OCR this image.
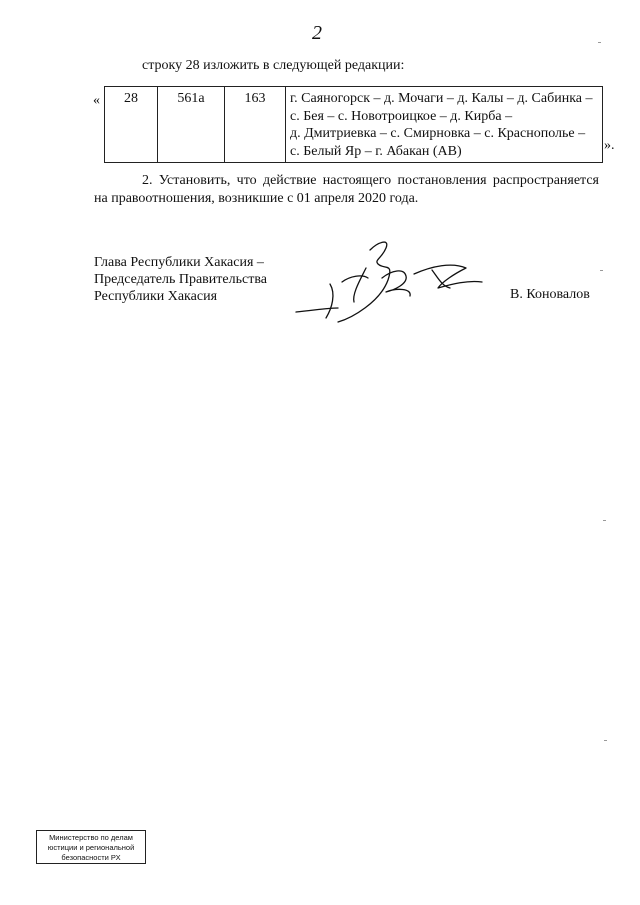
2
строку 28 изложить в следующей редакции:
« 28	561а	163	г. Саяногорск – д. Мочаги – д. Калы – д. Сабинка –
с. Бея – с. Новотроицкое – д. Кирба –
д. Дмитриевка – с. Смирновка – с. Краснополье –
с. Белый Яр – г. Абакан (АВ)	».
2. Установить, что действие настоящего постановления распространяется на правоотношения, возникшие с 01 апреля 2020 года.
Глава Республики Хакасия –
Председатель Правительства
Республики Хакасия	В. Коновалов
Министерство по делам
юстиции и региональной
безопасности РХ
